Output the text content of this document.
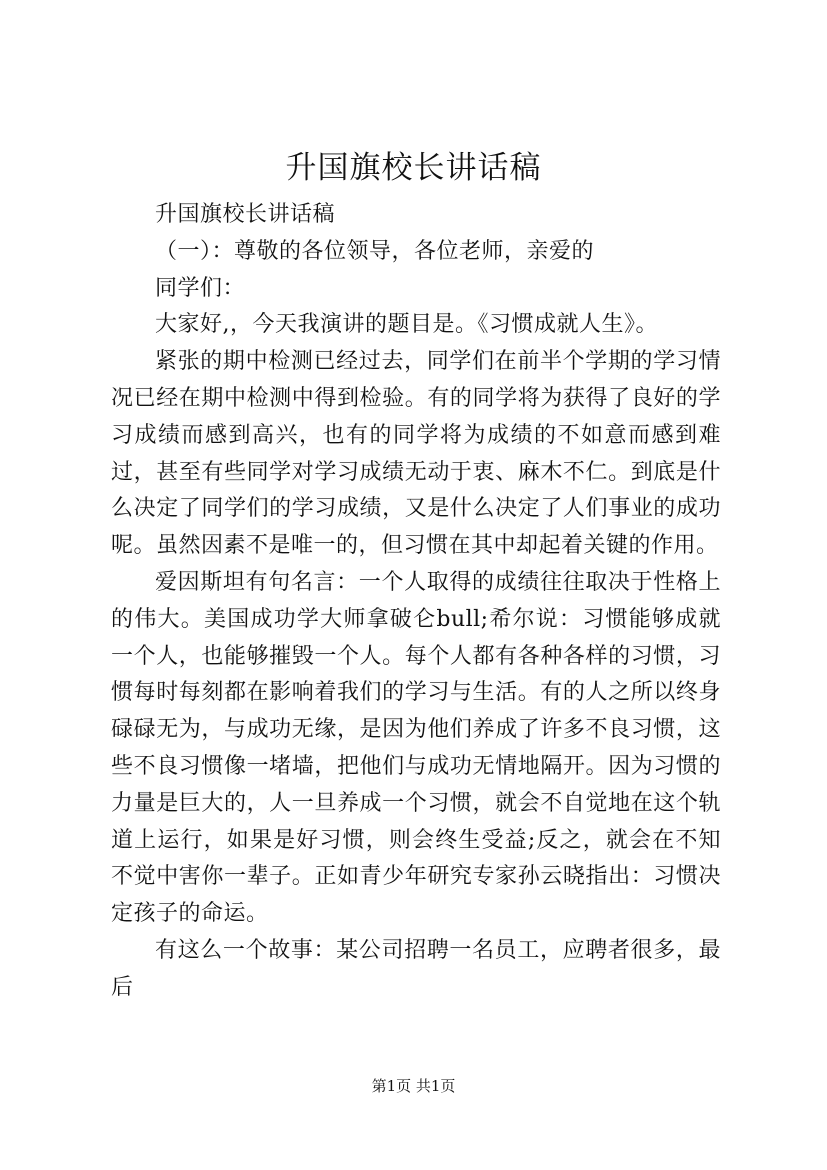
升国旗校长讲话稿

升国旗校长讲话稿

（一）：尊敬的各位领导，各位老师，亲爱的

同学们：

大家好,，今天我演讲的题目是。《习惯成就人生》。

紧张的期中检测已经过去，同学们在前半个学期的学习情况已经在期中检测中得到检验。有的同学将为获得了良好的学习成绩而感到高兴，也有的同学将为成绩的不如意而感到难过，甚至有些同学对学习成绩无动于衷、麻木不仁。到底是什么决定了同学们的学习成绩，又是什么决定了人们事业的成功呢。虽然因素不是唯一的，但习惯在其中却起着关键的作用。

爱因斯坦有句名言：一个人取得的成绩往往取决于性格上的伟大。美国成功学大师拿破仑bull;希尔说：习惯能够成就一个人，也能够摧毁一个人。每个人都有各种各样的习惯，习惯每时每刻都在影响着我们的学习与生活。有的人之所以终身碌碌无为，与成功无缘，是因为他们养成了许多不良习惯，这些不良习惯像一堵墙，把他们与成功无情地隔开。因为习惯的力量是巨大的，人一旦养成一个习惯，就会不自觉地在这个轨道上运行，如果是好习惯，则会终生受益;反之，就会在不知不觉中害你一辈子。正如青少年研究专家孙云晓指出：习惯决定孩子的命运。

有这么一个故事：某公司招聘一名员工，应聘者很多，最后

第1页 共1页
